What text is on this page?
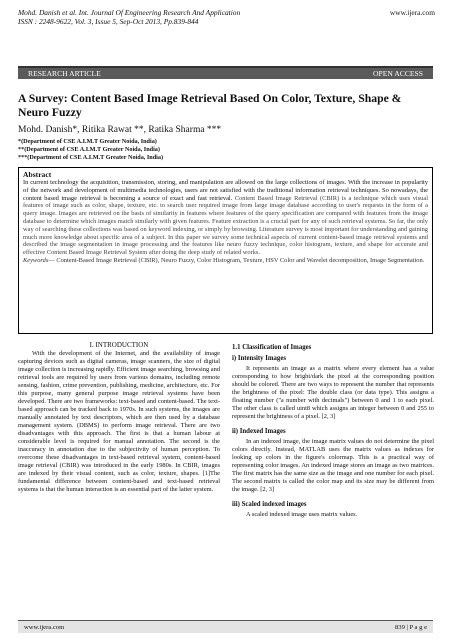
Mohd. Danish et al. Int. Journal Of Engineering Research And Application
ISSN : 2248-9622, Vol. 3, Issue 5, Sep-Oct 2013, Pp.839-844
www.ijera.com
RESEARCH ARTICLE	OPEN ACCESS
A Survey: Content Based Image Retrieval Based On Color, Texture, Shape & Neuro Fuzzy
Mohd. Danish*, Ritika Rawat **, Ratika Sharma ***
*(Department of CSE A.I.M.T Greater Noida, India)
**(Department of CSE A.I.M.T Greater Noida, India)
***(Department of CSE A.I.M.T Greater Noida, India)
Abstract
In current technology the acquisition, transmission, storing, and manipulation are allowed on the large collections of images. With the increase in popularity of the network and development of multimedia technologies, users are not satisfied with the traditional information retrieval techniques. So nowadays, the content based image retrieval is becoming a source of exact and fast retrieval. Content Based Image Retrieval (CBIR) is a technique which uses visual features of image such as color, shape, texture, etc. to search user required image from large image database according to user's requests in the form of a query image. Images are retrieved on the basis of similarity in features where features of the query specification are compared with features from the image database to determine which images match similarly with given features. Feature extraction is a crucial part for any of such retrieval systems. So far, the only way of searching these collections was based on keyword indexing, or simply by browsing. Literature survey is most important for understanding and gaining much more knowledge about specific area of a subject. In this paper we survey some technical aspects of current content-based image retrieval systems and described the image segmentation in image processing and the features like neuro fuzzy technique, color histogram, texture, and shape for accurate and effective Content Based Image Retrieval System after doing the deep study of related works.
Keywords— Content-Based Image Retrieval (CBIR), Neuro Fuzzy, Color Histogram, Texture, HSV Color and Wavelet decomposition, Image Segmentation.
I. INTRODUCTION
With the development of the Internet, and the availability of image capturing devices such as digital cameras, image scanners, the size of digital image collection is increasing rapidly. Efficient image searching, browsing and retrieval tools are required by users from various domains, including remote sensing, fashion, crime prevention, publishing, medicine, architecture, etc. For this purpose, many general purpose image retrieval systems have been developed. There are two frameworks: text-based and content-based. The text-based approach can be tracked back to 1970s. In such systems, the images are manually annotated by text descriptors, which are then used by a database management system. (DBMS) to perform image retrieval. There are two disadvantages with this approach. The first is that a human labour at considerable level is required for manual annotation. The second is the inaccuracy in annotation due to the subjectivity of human perception. To overcome these disadvantages in text-based retrieval system, content-based image retrieval (CBIR) was introduced in the early 1980s. In CBIR, images are indexed by their visual content, such as color, texture, shapes. [1]The fundamental difference between content-based and text-based retrieval systems is that the human interaction is an essential part of the latter system.
1.1 Classification of Images
i) Intensity Images
It represents an image as a matrix where every element has a value corresponding to how bright/dark the pixel at the corresponding position should be colored. There are two ways to represent the number that represents the brightness of the pixel: The double class (or data type). This assigns a floating number ("a number with decimals") between 0 and 1 to each pixel. The other class is called uint8 which assigns an integer between 0 and 255 to represent the brightness of a pixel. [2, 3]
ii) Indexed Images
In an indexed image, the image matrix values do not determine the pixel colors directly. Instead, MATLAB uses the matrix values as indexes for looking up colors in the figure's colormap. This is a practical way of representing color images. An indexed image stores an image as two matrices. The first matrix has the same size as the image and one number for each pixel. The second matrix is called the color map and its size may be different from the image. [2, 3]
iii) Scaled indexed images
A scaled indexed image uses matrix values.
www.ijera.com	839 | P a g e
